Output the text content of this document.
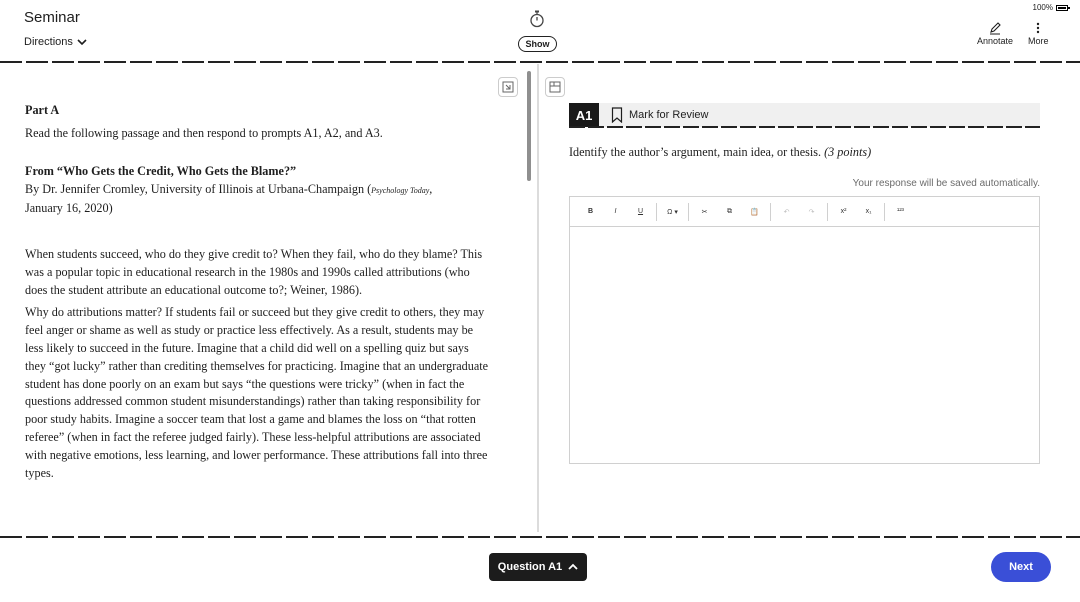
Seminar
Directions	Show
100%
Annotate More

Part A

Read the following passage and then respond to prompts A1, A2, and A3.

From “Who Gets the Credit, Who Gets the Blame?”

By Dr. Jennifer Cromley, University of Illinois at Urbana-Champaign (Psychology Today,
January 16, 2020)

When students succeed, who do they give credit to? When they fail, who do they blame? This was a popular topic in educational research in the 1980s and 1990s called attributions (who does the student attribute an educational outcome to?; Weiner, 1986).

Why do attributions matter? If students fail or succeed but they give credit to others, they may feel anger or shame as well as study or practice less effectively. As a result, students may be less likely to succeed in the future. Imagine that a child did well on a spelling quiz but says they “got lucky” rather than crediting themselves for practicing. Imagine that an undergraduate student has done poorly on an exam but says “the questions were tricky” (when in fact the questions addressed common student misunderstandings) rather than taking responsibility for poor study habits. Imagine a soccer team that lost a game and blames the loss on “that rotten referee” (when in fact the referee judged fairly). These less-helpful attributions are associated with negative emotions, less learning, and lower performance. These attributions fall into three types.

A1	Mark for Review
Identify the author’s argument, main idea, or thesis. (3 points)
Your response will be saved automatically.
B	I	U	Ω ▾	✂	⧉	📋	↶	↷	x²	x₁	¹²³
Question A1	Next
